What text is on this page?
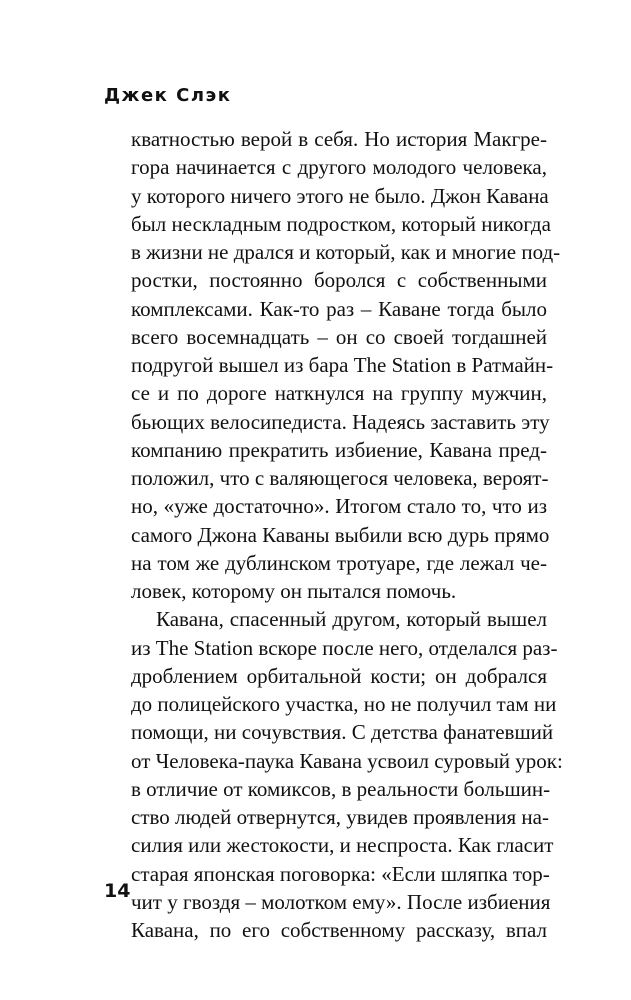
Джек Слэк

кватностью верой в себя. Но история Макгре-
гора начинается с другого молодого человека,
у которого ничего этого не было. Джон Кавана
был нескладным подростком, который никогда
в жизни не дрался и который, как и многие под-
ростки, постоянно боролся с собственными
комплексами. Как-то раз – Каване тогда было
всего восемнадцать – он со своей тогдашней
подругой вышел из бара The Station в Ратмайн-
се и по дороге наткнулся на группу мужчин,
бьющих велосипедиста. Надеясь заставить эту
компанию прекратить избиение, Кавана пред-
положил, что с валяющегося человека, вероят-
но, «уже достаточно». Итогом стало то, что из
самого Джона Каваны выбили всю дурь прямо
на том же дублинском тротуаре, где лежал че-
ловек, которому он пытался помочь.

Кавана, спасенный другом, который вышел
из The Station вскоре после него, отделался раз-
дроблением орбитальной кости; он добрался
до полицейского участка, но не получил там ни
помощи, ни сочувствия. С детства фанатевший
от Человека-паука Кавана усвоил суровый урок:
в отличие от комиксов, в реальности большин-
ство людей отвернутся, увидев проявления на-
силия или жестокости, и неспроста. Как гласит
старая японская поговорка: «Если шляпка тор-
чит у гвоздя – молотком ему». После избиения
Кавана, по его собственному рассказу, впал

14
